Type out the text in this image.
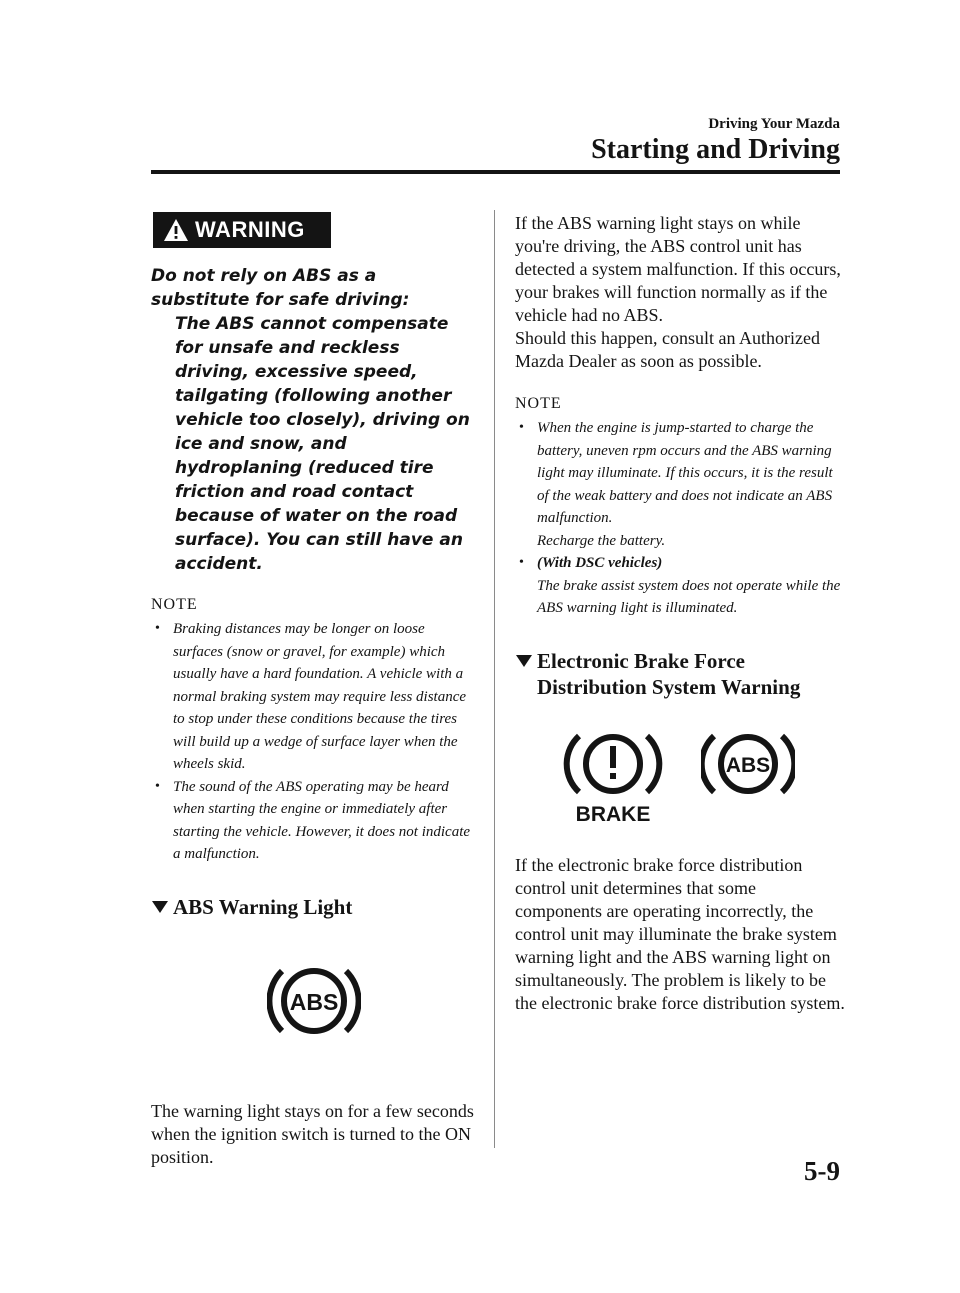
Driving Your Mazda
Starting and Driving
WARNING

Do not rely on ABS as a substitute for safe driving:

The ABS cannot compensate for unsafe and reckless driving, excessive speed, tailgating (following another vehicle too closely), driving on ice and snow, and hydroplaning (reduced tire friction and road contact because of water on the road surface). You can still have an accident.

NOTE
• Braking distances may be longer on loose surfaces (snow or gravel, for example) which usually have a hard foundation. A vehicle with a normal braking system may require less distance to stop under these conditions because the tires will build up a wedge of surface layer when the wheels skid.
• The sound of the ABS operating may be heard when starting the engine or immediately after starting the vehicle. However, it does not indicate a malfunction.
ABS Warning Light
ABS

The warning light stays on for a few seconds when the ignition switch is turned to the ON position.

If the ABS warning light stays on while you're driving, the ABS control unit has detected a system malfunction. If this occurs, your brakes will function normally as if the vehicle had no ABS.

Should this happen, consult an Authorized Mazda Dealer as soon as possible.

NOTE
• When the engine is jump-started to charge the battery, uneven rpm occurs and the ABS warning light may illuminate. If this occurs, it is the result of the weak battery and does not indicate an ABS malfunction.
Recharge the battery.
• (With DSC vehicles)
The brake assist system does not operate while the ABS warning light is illuminated.
Electronic Brake Force
Distribution System Warning
BRAKE
ABS

If the electronic brake force distribution control unit determines that some components are operating incorrectly, the control unit may illuminate the brake system warning light and the ABS warning light on simultaneously. The problem is likely to be the electronic brake force distribution system.

5-9
